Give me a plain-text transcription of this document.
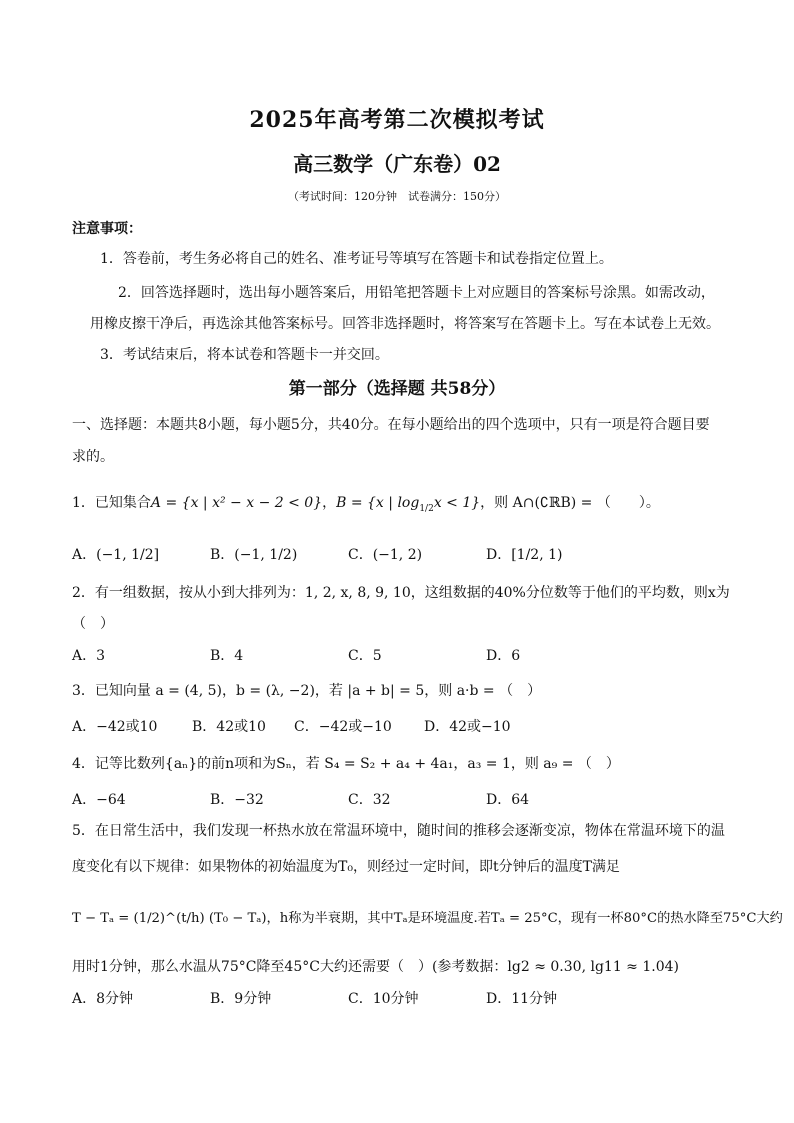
2025年高考第二次模拟考试
高三数学（广东卷）02
（考试时间：120分钟　试卷满分：150分）
注意事项：
1．答卷前，考生务必将自己的姓名、准考证号等填写在答题卡和试卷指定位置上。
2．回答选择题时，选出每小题答案后，用铅笔把答题卡上对应题目的答案标号涂黑。如需改动，
用橡皮擦干净后，再选涂其他答案标号。回答非选择题时，将答案写在答题卡上。写在本试卷上无效。
3．考试结束后，将本试卷和答题卡一并交回。
第一部分（选择题 共58分）
一、选择题：本题共8小题，每小题5分，共40分。在每小题给出的四个选项中，只有一项是符合题目要
求的。
1．已知集合A = {x | x² − x − 2 < 0}，B = {x | $\log_{1/2}x < 1$}，则 A∩(∁ℝB) = （　　）。
A．(−1, 1/2]	B．(−1, 1/2)	C．(−1, 2)	D．[1/2, 1)
2．有一组数据，按从小到大排列为：1, 2, x, 8, 9, 10，这组数据的40%分位数等于他们的平均数，则x为
（　）
A．3	B．4	C．5	D．6
3．已知向量 a = (4, 5)，b = (λ, −2)，若 |a + b| = 5，则 a·b = （　）
A．−42或10 B．42或10 C．−42或−10 D．42或−10
4．记等比数列{aₙ}的前n项和为Sₙ，若 S₄ = S₂ + a₄ + 4a₁，a₃ = 1，则 a₉ = （　）
A．−64	B．−32	C．32	D．64
5．在日常生活中，我们发现一杯热水放在常温环境中，随时间的推移会逐渐变凉，物体在常温环境下的温
度变化有以下规律：如果物体的初始温度为T₀，则经过一定时间，即t分钟后的温度T满足
T − Tₐ = (1/2)^(t/h) (T₀ − Tₐ)，h称为半衰期，其中Tₐ是环境温度.若Tₐ = 25°C，现有一杯80°C的热水降至75°C大约
用时1分钟，那么水温从75°C降至45°C大约还需要（　）(参考数据：lg2 ≈ 0.30, lg11 ≈ 1.04)
A．8分钟	B．9分钟	C．10分钟	D．11分钟
